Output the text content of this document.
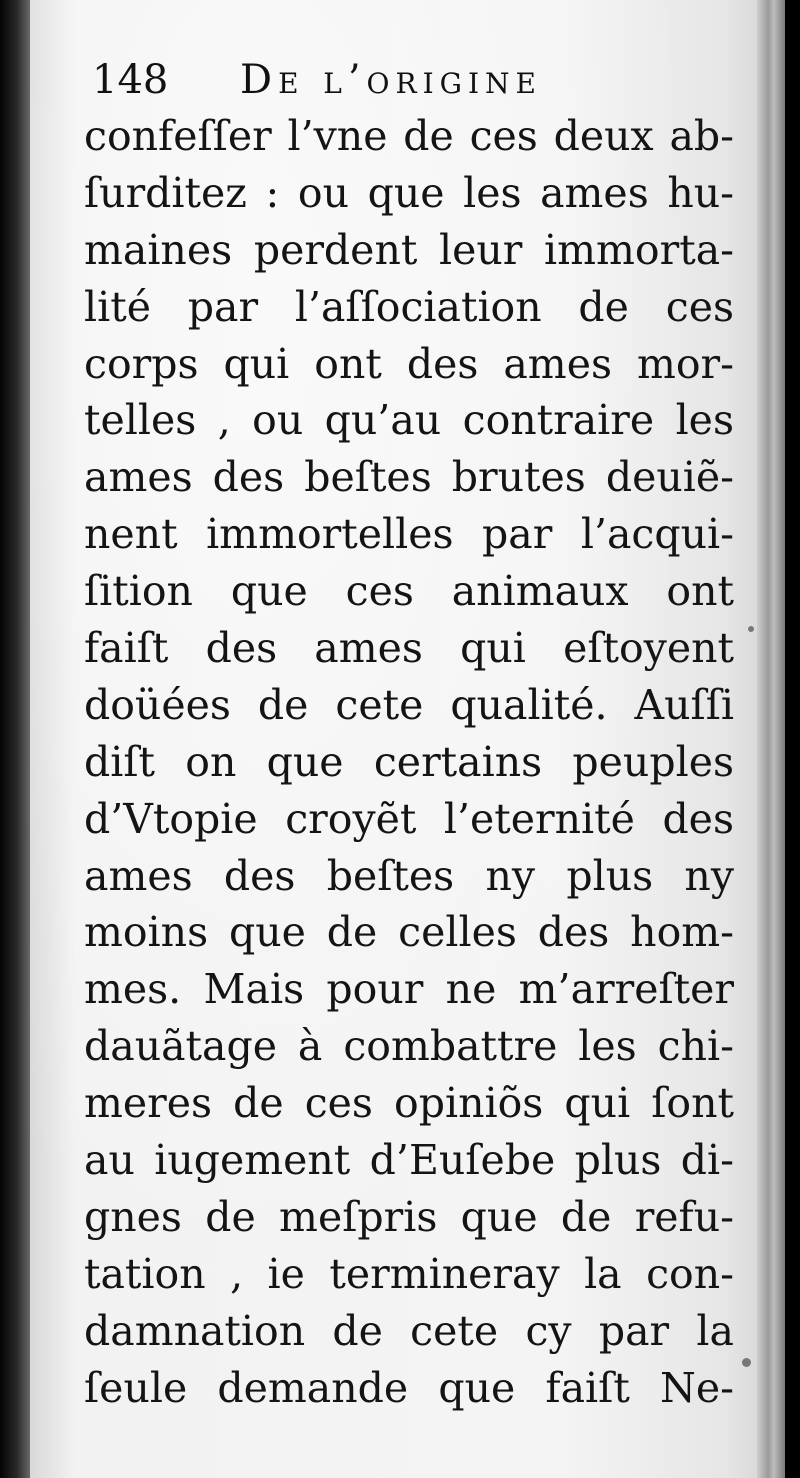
148 De l’origine
confeſſer l’vne de ces deux ab-
ſurditez : ou que les ames hu-
maines perdent leur immorta-
lité par l’aſſociation de ces
corps qui ont des ames mor-
telles , ou qu’au contraire les
ames des beſtes brutes deuiẽ-
nent immortelles par l’acqui-
ſition que ces animaux ont
faiſt des ames qui eſtoyent
doüées de cete qualité. Auſſi
diſt on que certains peuples
d’Vtopie croyẽt l’eternité des
ames des beſtes ny plus ny
moins que de celles des hom-
mes. Mais pour ne m’arreſter
dauãtage à combattre les chi-
meres de ces opiniõs qui ſont
au iugement d’Euſebe plus di-
gnes de meſpris que de refu-
tation , ie termineray la con-
damnation de cete cy par la
ſeule demande que faiſt Ne-
